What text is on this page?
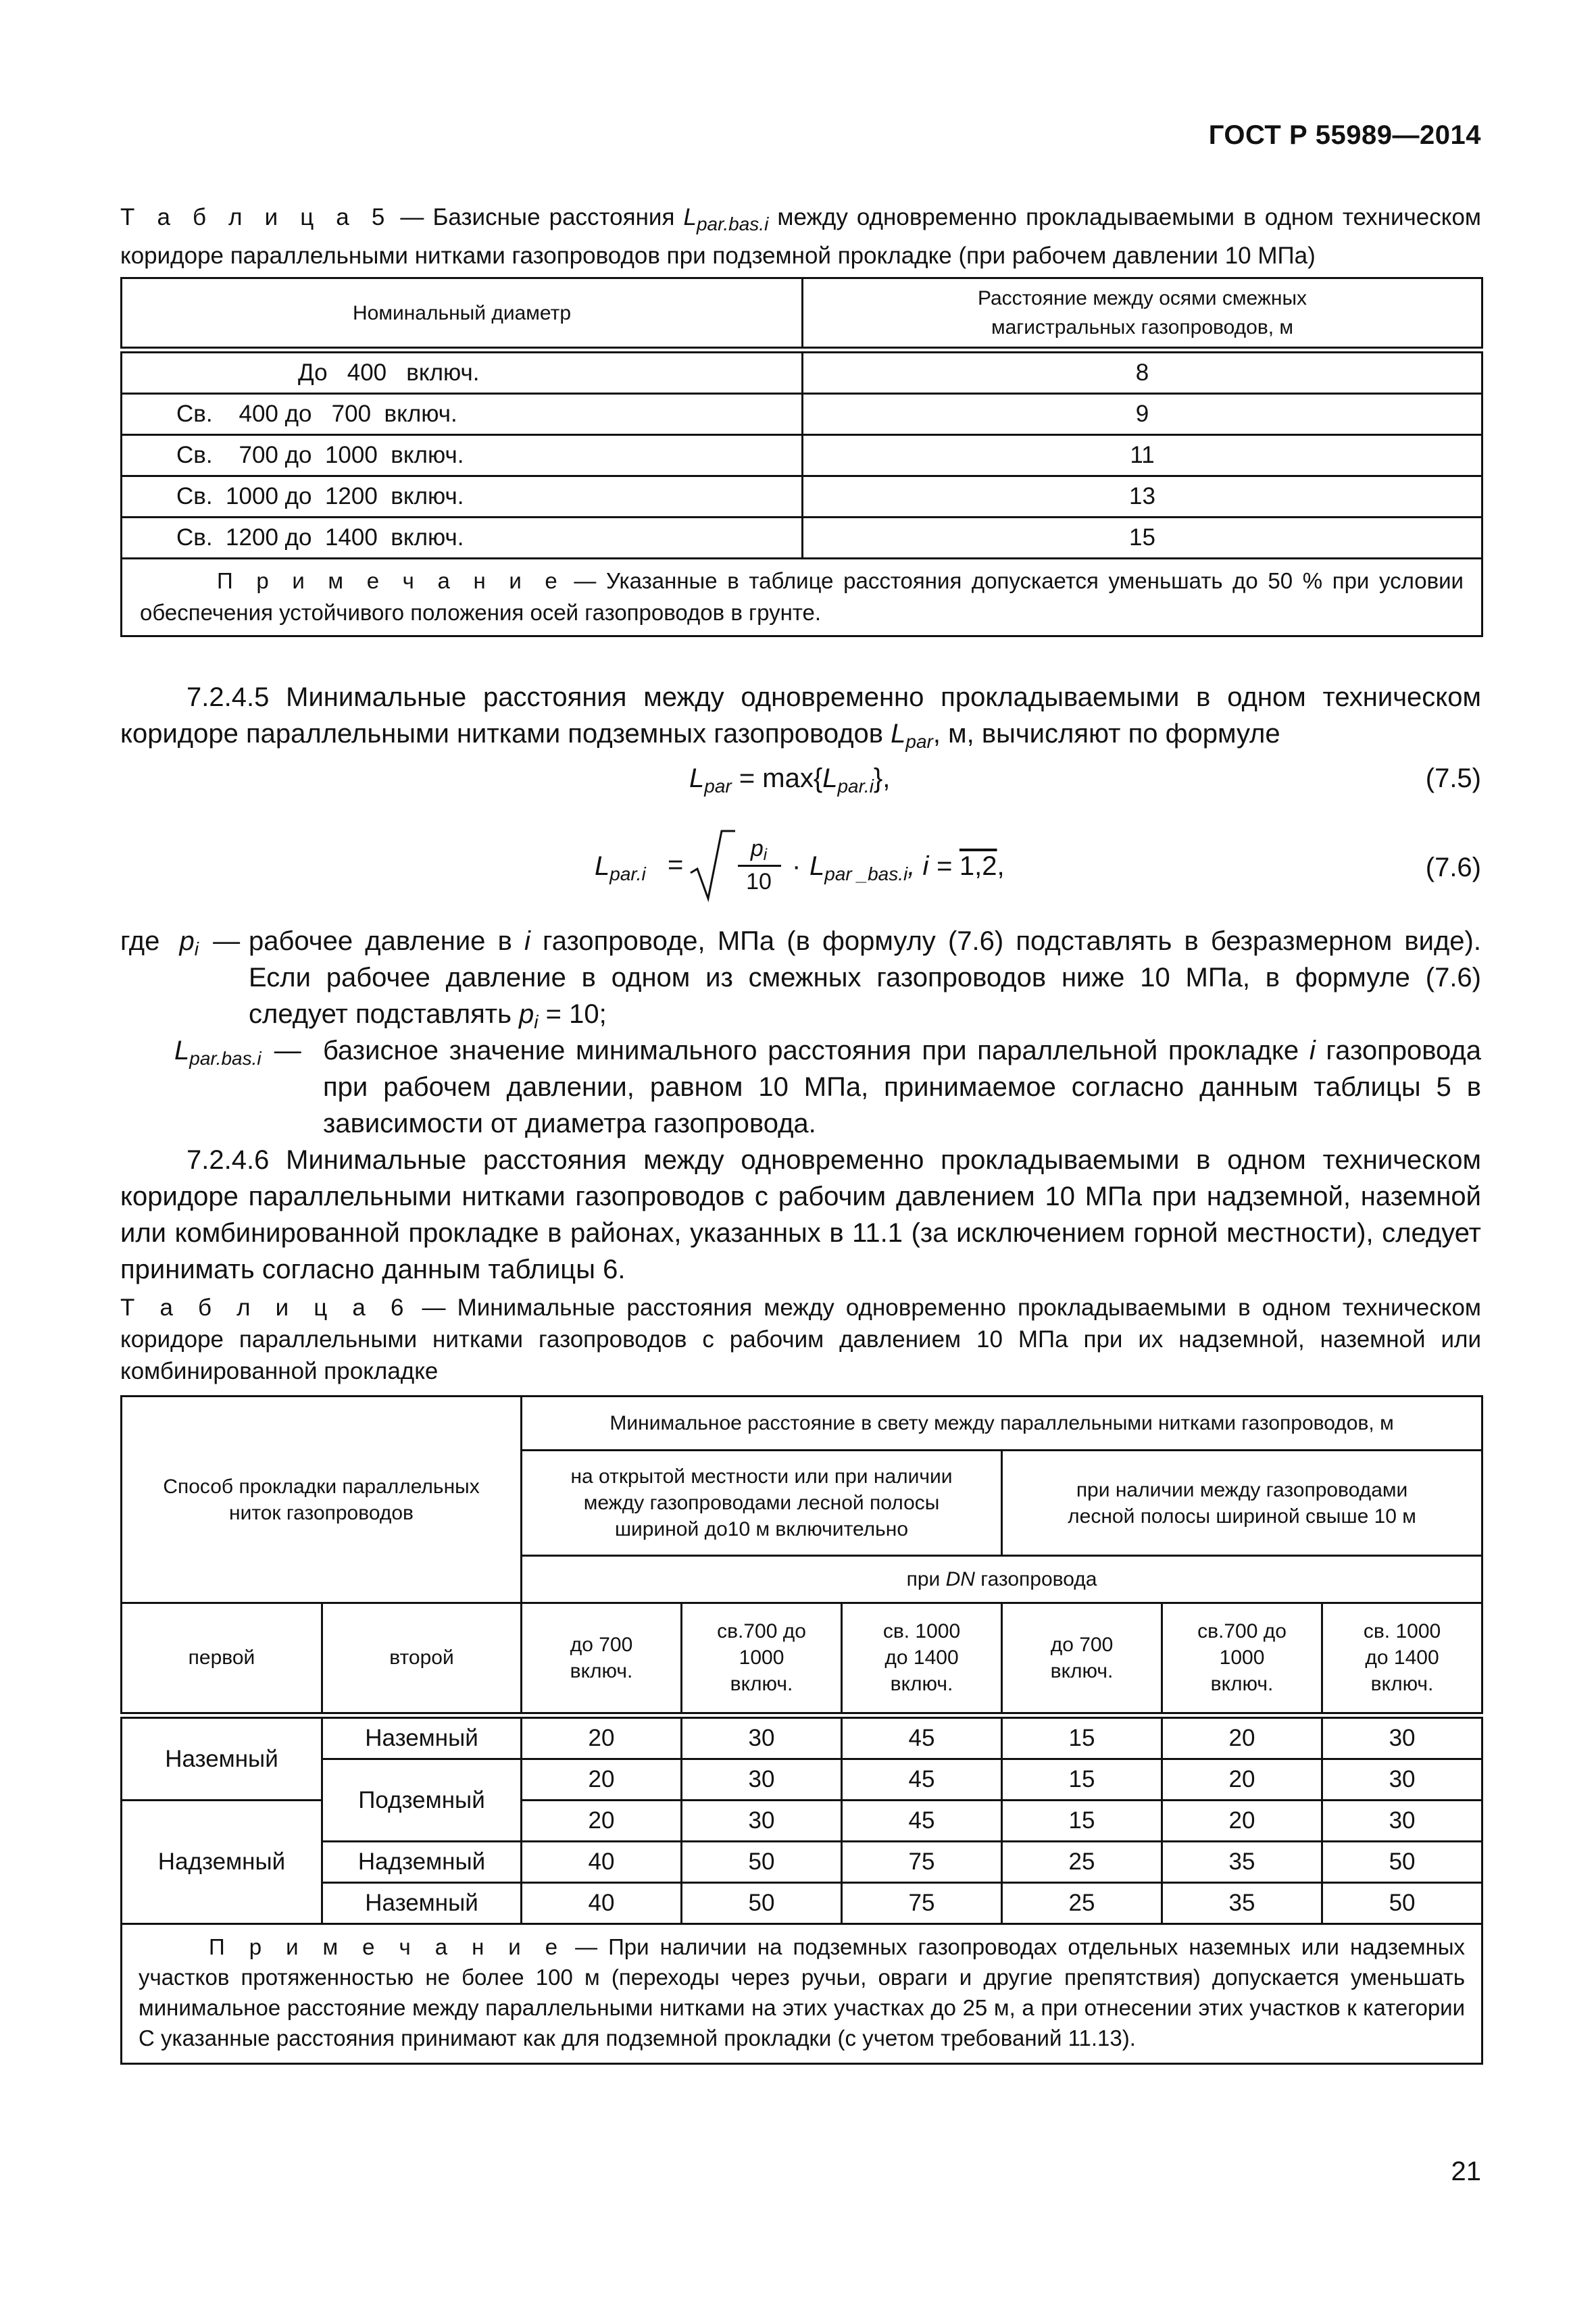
ГОСТ Р 55989—2014
Т а б л и ц а 5 — Базисные расстояния $L_{par.bas.i}$ между одновременно прокладываемыми в одном техническом коридоре параллельными нитками газопроводов при подземной прокладке (при рабочем давлении 10 МПа)
Номинальный диаметр	Расстояние между осями смежных магистральных газопроводов, м
До   400   включ.	8
Св.    400 до   700  включ.	9
Св.    700 до  1000  включ.	11
Св.  1000 до  1200  включ.	13
Св.  1200 до  1400  включ.	15
П р и м е ч а н и е — Указанные в таблице расстояния допускается уменьшать до 50 % при условии обеспечения устойчивого положения осей газопроводов в грунте.	
7.2.4.5 Минимальные расстояния между одновременно прокладываемыми в одном техническом коридоре параллельными нитками подземных газопроводов $L_{par}$, м, вычисляют по формуле
$L_{par} = \max\{L_{par.i}\}$,	(7.5)
$L_{par.i}$ =
$p_i$
10
· $L_{par \_bas.i}$, i = 1,2,	(7.6)
где $p_i$ — рабочее давление в i газопроводе, МПа (в формулу (7.6) подставлять в безразмерном виде). Если рабочее давление в одном из смежных газопроводов ниже 10 МПа, в формуле (7.6) следует подставлять $p_i = 10$;
$L_{par.bas.i}$ — базисное значение минимального расстояния при параллельной прокладке i газопровода при рабочем давлении, равном 10 МПа, принимаемое согласно данным таблицы 5 в зависимости от диаметра газопровода.
7.2.4.6 Минимальные расстояния между одновременно прокладываемыми в одном техническом коридоре параллельными нитками газопроводов с рабочим давлением 10 МПа при надземной, наземной или комбинированной прокладке в районах, указанных в 11.1 (за исключением горной местности), следует принимать согласно данным таблицы 6.
Т а б л и ц а 6 — Минимальные расстояния между одновременно прокладываемыми в одном техническом коридоре параллельными нитками газопроводов с рабочим давлением 10 МПа при их надземной, наземной или комбинированной прокладке
Способ прокладки параллельных ниток газопроводов		Минимальное расстояние в свету между параллельными нитками газопроводов, м					
		на открытой местности или при наличии между газопроводами лесной полосы шириной до10 м включительно			при наличии между газопроводами лесной полосы шириной свыше 10 м		
		при DN газопровода					
первой	второй	до 700 включ.	св.700 до 1000 включ.	св. 1000 до 1400 включ.	до 700 включ.	св.700 до 1000 включ.	св. 1000 до 1400 включ.
Наземный	Наземный	20	30	45	15	20	30
	Подземный	20	30	45	15	20	30
Надземный		20	30	45	15	20	30
	Надземный	40	50	75	25	35	50
	Наземный	40	50	75	25	35	50
П р и м е ч а н и е — При наличии на подземных газопроводах отдельных наземных или надземных участков протяженностью не более 100 м (переходы через ручьи, овраги и другие препятствия) допускается уменьшать минимальное расстояние между параллельными нитками на этих участках до 25 м, а при отнесении этих участков к категории С указанные расстояния принимают как для подземной прокладки (с учетом требований 11.13).							
21
